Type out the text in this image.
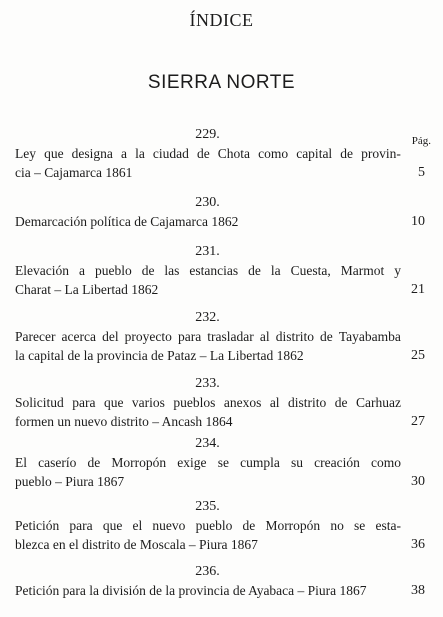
ÍNDICE
SIERRA NORTE
Pág.
229.
Ley que designa a la ciudad de Chota como capital de provin-
cia – Cajamarca 1861	5
230.
Demarcación política de Cajamarca 1862	10
231.
Elevación a pueblo de las estancias de la Cuesta, Marmot y
Charat – La Libertad 1862	21
232.
Parecer acerca del proyecto para trasladar al distrito de Tayabamba
la capital de la provincia de Pataz – La Libertad 1862	25
233.
Solicitud para que varios pueblos anexos al distrito de Carhuaz
formen un nuevo distrito – Ancash 1864	27
234.
El caserío de Morropón exige se cumpla su creación como
pueblo – Piura 1867	30
235.
Petición para que el nuevo pueblo de Morropón no se esta-
blezca en el distrito de Moscala – Piura 1867	36
236.
Petición para la división de la provincia de Ayabaca – Piura 1867	38
